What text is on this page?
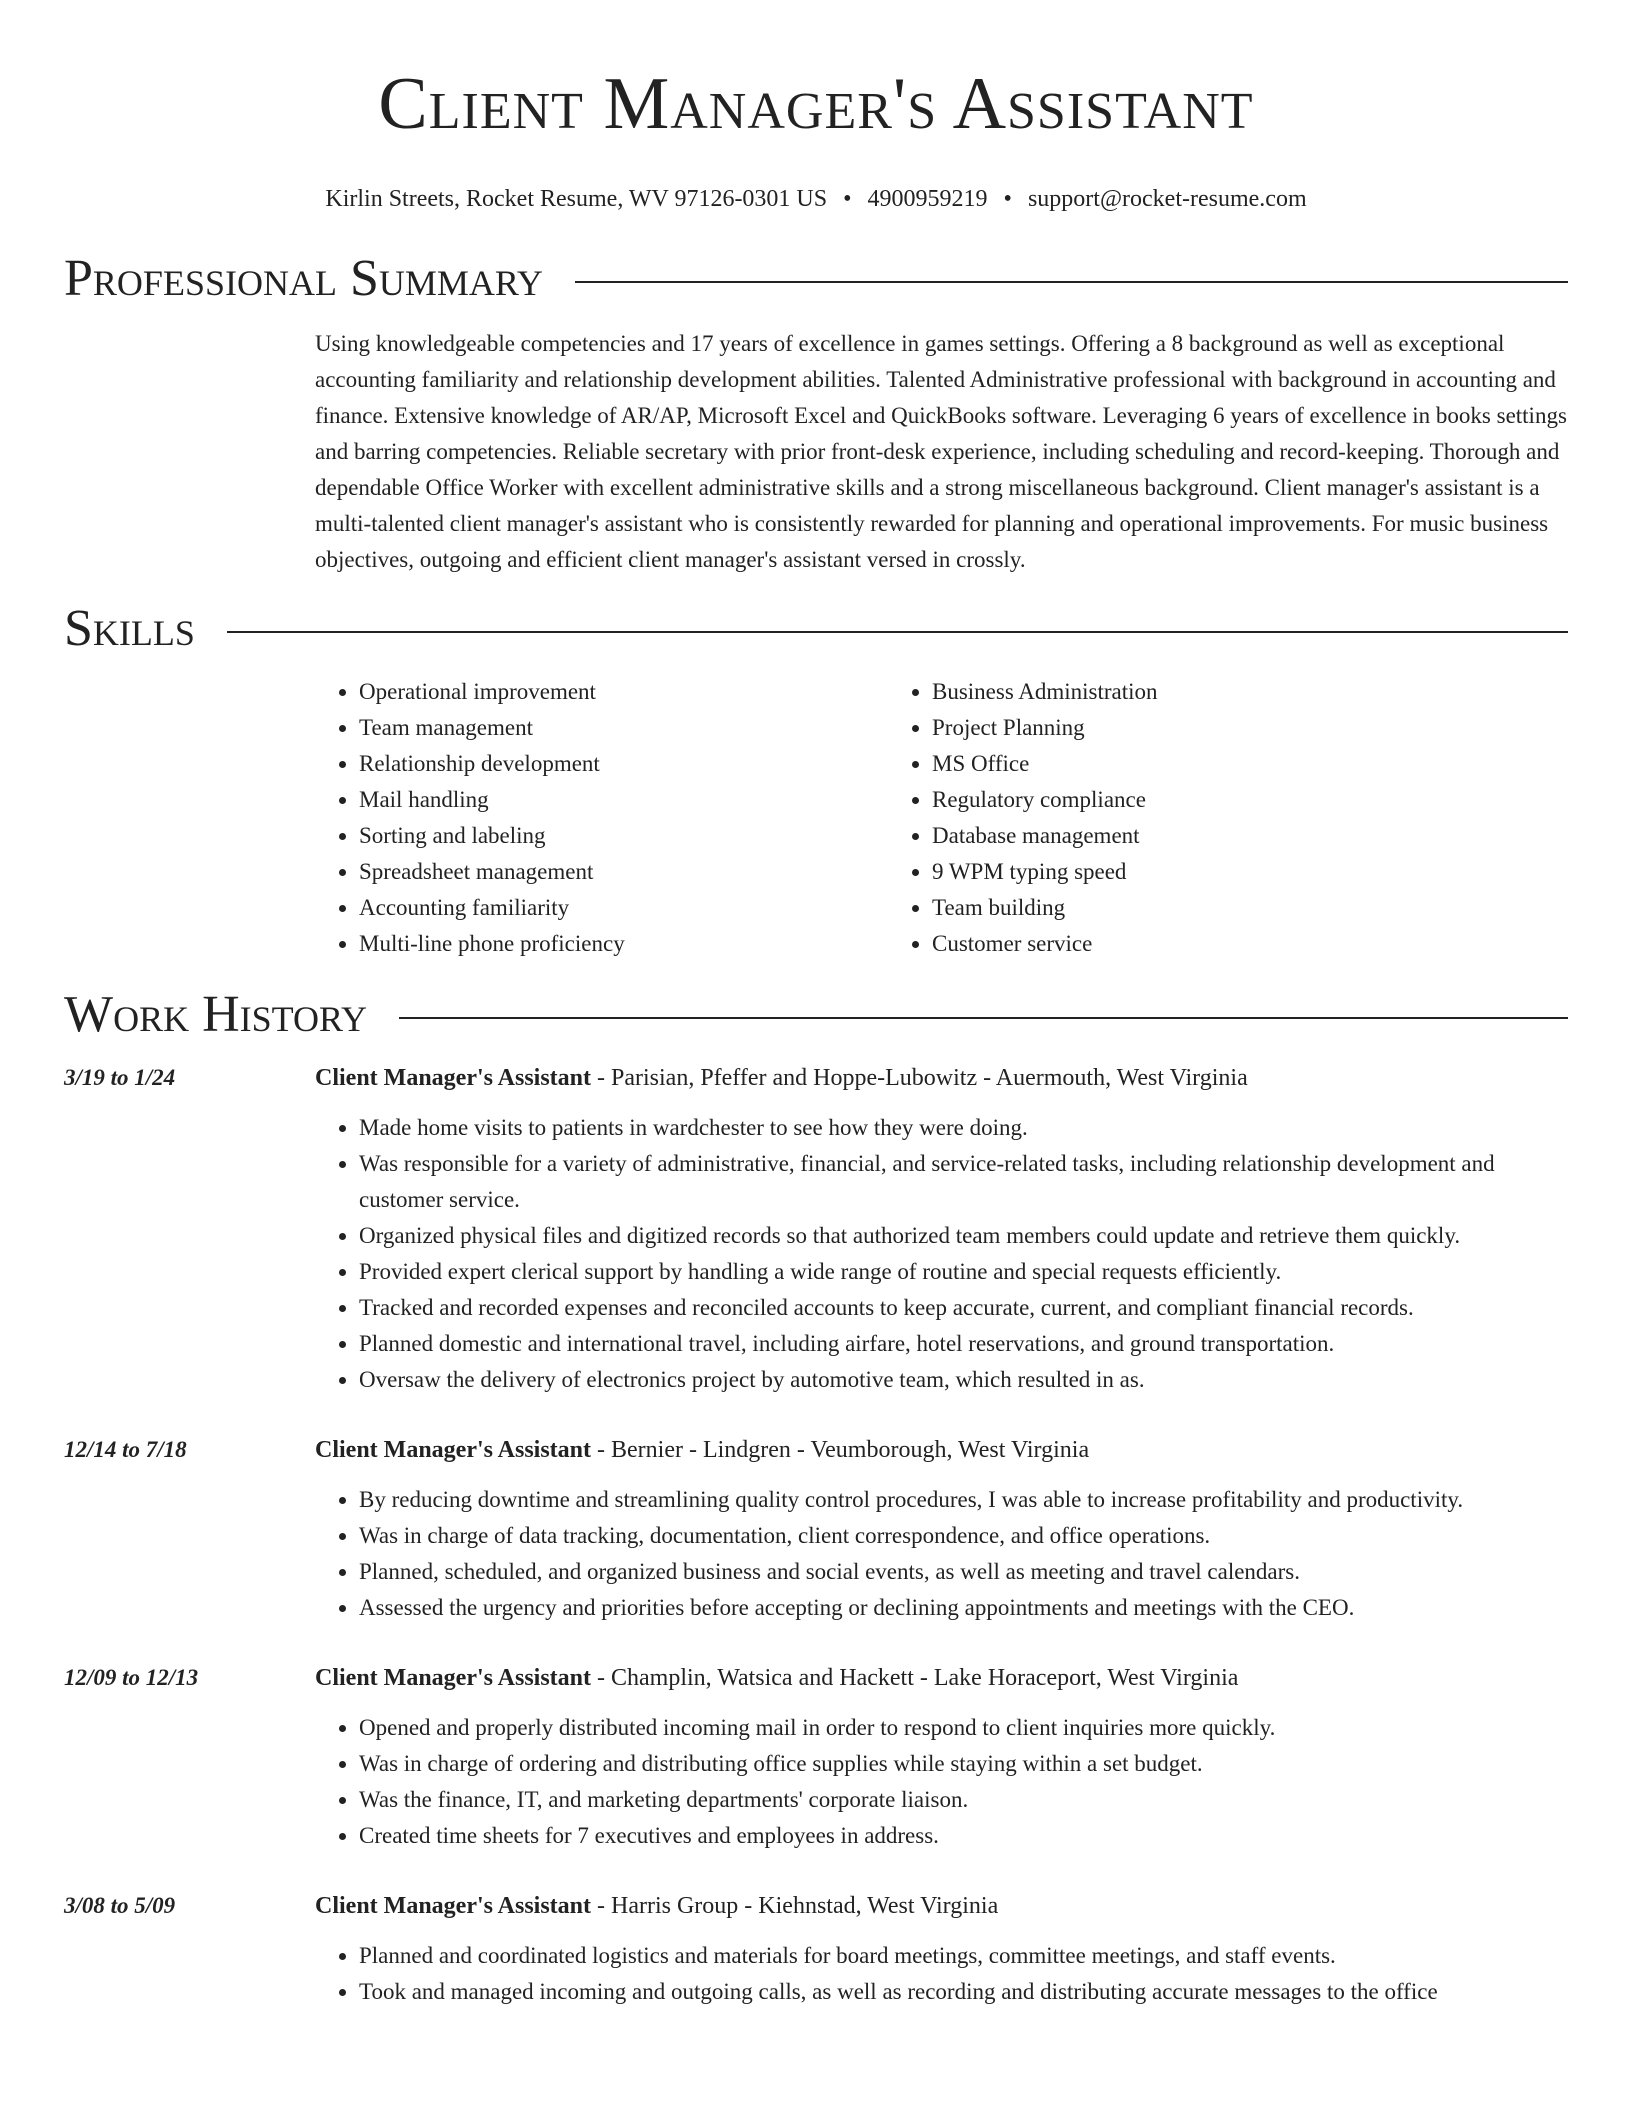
Client Manager's Assistant
Kirlin Streets, Rocket Resume, WV 97126-0301 US • 4900959219 • support@rocket-resume.com
Professional Summary
Using knowledgeable competencies and 17 years of excellence in games settings. Offering a 8 background as well as exceptional accounting familiarity and relationship development abilities. Talented Administrative professional with background in accounting and finance. Extensive knowledge of AR/AP, Microsoft Excel and QuickBooks software. Leveraging 6 years of excellence in books settings and barring competencies. Reliable secretary with prior front-desk experience, including scheduling and record-keeping. Thorough and dependable Office Worker with excellent administrative skills and a strong miscellaneous background. Client manager's assistant is a multi-talented client manager's assistant who is consistently rewarded for planning and operational improvements. For music business objectives, outgoing and efficient client manager's assistant versed in crossly.
Skills
• Operational improvement
• Team management
• Relationship development
• Mail handling
• Sorting and labeling
• Spreadsheet management
• Accounting familiarity
• Multi-line phone proficiency
• Business Administration
• Project Planning
• MS Office
• Regulatory compliance
• Database management
• 9 WPM typing speed
• Team building
• Customer service
Work History
3/19 to 1/24	Client Manager's Assistant - Parisian, Pfeffer and Hoppe-Lubowitz - Auermouth, West Virginia
• Made home visits to patients in wardchester to see how they were doing.
• Was responsible for a variety of administrative, financial, and service-related tasks, including relationship development and customer service.
• Organized physical files and digitized records so that authorized team members could update and retrieve them quickly.
• Provided expert clerical support by handling a wide range of routine and special requests efficiently.
• Tracked and recorded expenses and reconciled accounts to keep accurate, current, and compliant financial records.
• Planned domestic and international travel, including airfare, hotel reservations, and ground transportation.
• Oversaw the delivery of electronics project by automotive team, which resulted in as.
12/14 to 7/18	Client Manager's Assistant - Bernier - Lindgren - Veumborough, West Virginia
• By reducing downtime and streamlining quality control procedures, I was able to increase profitability and productivity.
• Was in charge of data tracking, documentation, client correspondence, and office operations.
• Planned, scheduled, and organized business and social events, as well as meeting and travel calendars.
• Assessed the urgency and priorities before accepting or declining appointments and meetings with the CEO.
12/09 to 12/13	Client Manager's Assistant - Champlin, Watsica and Hackett - Lake Horaceport, West Virginia
• Opened and properly distributed incoming mail in order to respond to client inquiries more quickly.
• Was in charge of ordering and distributing office supplies while staying within a set budget.
• Was the finance, IT, and marketing departments' corporate liaison.
• Created time sheets for 7 executives and employees in address.
3/08 to 5/09	Client Manager's Assistant - Harris Group - Kiehnstad, West Virginia
• Planned and coordinated logistics and materials for board meetings, committee meetings, and staff events.
• Took and managed incoming and outgoing calls, as well as recording and distributing accurate messages to the office
